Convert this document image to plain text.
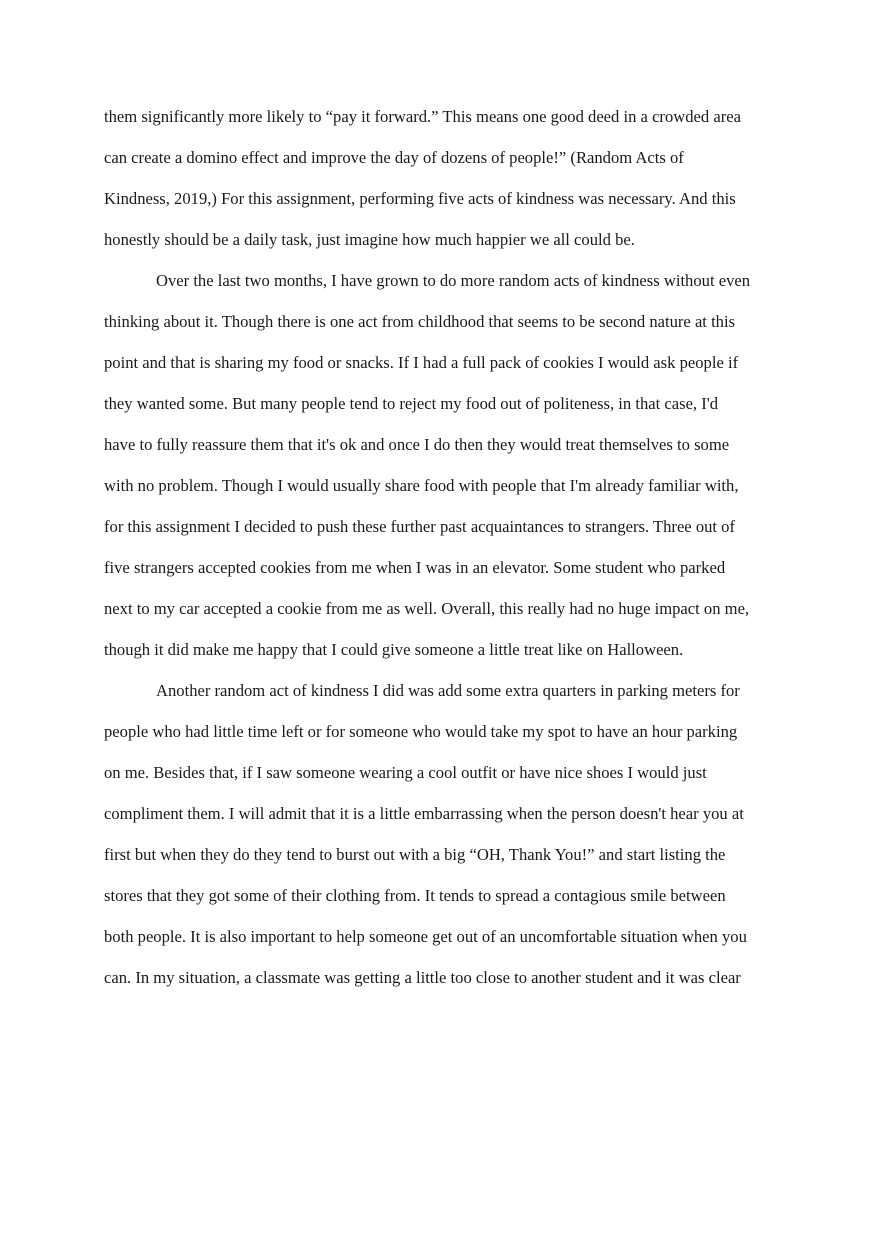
them significantly more likely to “pay it forward.” This means one good deed in a crowded area
can create a domino effect and improve the day of dozens of people!” (Random Acts of
Kindness, 2019,) For this assignment, performing five acts of kindness was necessary. And this
honestly should be a daily task, just imagine how much happier we all could be.
Over the last two months, I have grown to do more random acts of kindness without even
thinking about it. Though there is one act from childhood that seems to be second nature at this
point and that is sharing my food or snacks. If I had a full pack of cookies I would ask people if
they wanted some. But many people tend to reject my food out of politeness, in that case, I'd
have to fully reassure them that it's ok and once I do then they would treat themselves to some
with no problem. Though I would usually share food with people that I'm already familiar with,
for this assignment I decided to push these further past acquaintances to strangers. Three out of
five strangers accepted cookies from me when I was in an elevator. Some student who parked
next to my car accepted a cookie from me as well. Overall, this really had no huge impact on me,
though it did make me happy that I could give someone a little treat like on Halloween.
Another random act of kindness I did was add some extra quarters in parking meters for
people who had little time left or for someone who would take my spot to have an hour parking
on me. Besides that, if I saw someone wearing a cool outfit or have nice shoes I would just
compliment them. I will admit that it is a little embarrassing when the person doesn't hear you at
first but when they do they tend to burst out with a big “OH, Thank You!” and start listing the
stores that they got some of their clothing from. It tends to spread a contagious smile between
both people. It is also important to help someone get out of an uncomfortable situation when you
can. In my situation, a classmate was getting a little too close to another student and it was clear
